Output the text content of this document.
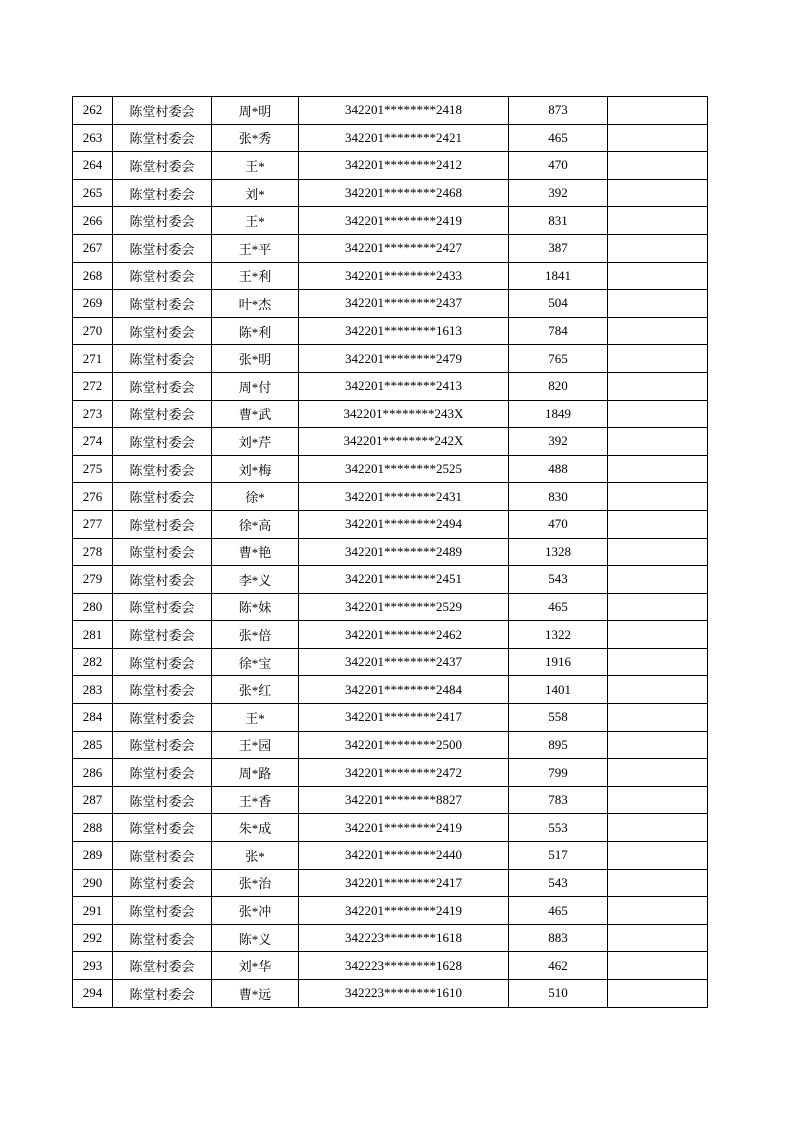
262	陈堂村委会	周*明	342201********2418	873	
263	陈堂村委会	张*秀	342201********2421	465	
264	陈堂村委会	王*	342201********2412	470	
265	陈堂村委会	刘*	342201********2468	392	
266	陈堂村委会	王*	342201********2419	831	
267	陈堂村委会	王*平	342201********2427	387	
268	陈堂村委会	王*利	342201********2433	1841	
269	陈堂村委会	叶*杰	342201********2437	504	
270	陈堂村委会	陈*利	342201********1613	784	
271	陈堂村委会	张*明	342201********2479	765	
272	陈堂村委会	周*付	342201********2413	820	
273	陈堂村委会	曹*武	342201********243X	1849	
274	陈堂村委会	刘*芹	342201********242X	392	
275	陈堂村委会	刘*梅	342201********2525	488	
276	陈堂村委会	徐*	342201********2431	830	
277	陈堂村委会	徐*高	342201********2494	470	
278	陈堂村委会	曹*艳	342201********2489	1328	
279	陈堂村委会	李*义	342201********2451	543	
280	陈堂村委会	陈*妹	342201********2529	465	
281	陈堂村委会	张*倍	342201********2462	1322	
282	陈堂村委会	徐*宝	342201********2437	1916	
283	陈堂村委会	张*红	342201********2484	1401	
284	陈堂村委会	王*	342201********2417	558	
285	陈堂村委会	王*园	342201********2500	895	
286	陈堂村委会	周*路	342201********2472	799	
287	陈堂村委会	王*香	342201********8827	783	
288	陈堂村委会	朱*成	342201********2419	553	
289	陈堂村委会	张*	342201********2440	517	
290	陈堂村委会	张*治	342201********2417	543	
291	陈堂村委会	张*冲	342201********2419	465	
292	陈堂村委会	陈*义	342223********1618	883	
293	陈堂村委会	刘*华	342223********1628	462	
294	陈堂村委会	曹*远	342223********1610	510	
